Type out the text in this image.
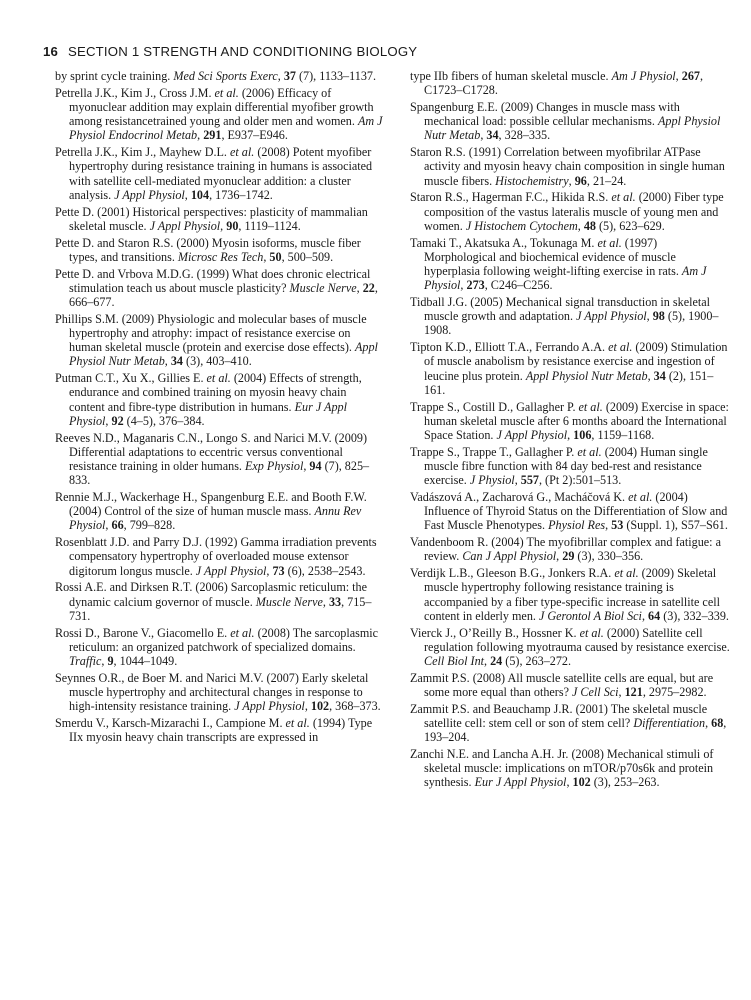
16 SECTION 1 STRENGTH AND CONDITIONING BIOLOGY
by sprint cycle training. Med Sci Sports Exerc, 37 (7), 1133–1137.
Petrella J.K., Kim J., Cross J.M. et al. (2006) Efficacy of myonuclear addition may explain differential myofiber growth among resistancetrained young and older men and women. Am J Physiol Endocrinol Metab, 291, E937–E946.
Petrella J.K., Kim J., Mayhew D.L. et al. (2008) Potent myofiber hypertrophy during resistance training in humans is associated with satellite cell-mediated myonuclear addition: a cluster analysis. J Appl Physiol, 104, 1736–1742.
Pette D. (2001) Historical perspectives: plasticity of mammalian skeletal muscle. J Appl Physiol, 90, 1119–1124.
Pette D. and Staron R.S. (2000) Myosin isoforms, muscle fiber types, and transitions. Microsc Res Tech, 50, 500–509.
Pette D. and Vrbova M.D.G. (1999) What does chronic electrical stimulation teach us about muscle plasticity? Muscle Nerve, 22, 666–677.
Phillips S.M. (2009) Physiologic and molecular bases of muscle hypertrophy and atrophy: impact of resistance exercise on human skeletal muscle (protein and exercise dose effects). Appl Physiol Nutr Metab, 34 (3), 403–410.
Putman C.T., Xu X., Gillies E. et al. (2004) Effects of strength, endurance and combined training on myosin heavy chain content and fibre-type distribution in humans. Eur J Appl Physiol, 92 (4–5), 376–384.
Reeves N.D., Maganaris C.N., Longo S. and Narici M.V. (2009) Differential adaptations to eccentric versus conventional resistance training in older humans. Exp Physiol, 94 (7), 825–833.
Rennie M.J., Wackerhage H., Spangenburg E.E. and Booth F.W. (2004) Control of the size of human muscle mass. Annu Rev Physiol, 66, 799–828.
Rosenblatt J.D. and Parry D.J. (1992) Gamma irradiation prevents compensatory hypertrophy of overloaded mouse extensor digitorum longus muscle. J Appl Physiol, 73 (6), 2538–2543.
Rossi A.E. and Dirksen R.T. (2006) Sarcoplasmic reticulum: the dynamic calcium governor of muscle. Muscle Nerve, 33, 715–731.
Rossi D., Barone V., Giacomello E. et al. (2008) The sarcoplasmic reticulum: an organized patchwork of specialized domains. Traffic, 9, 1044–1049.
Seynnes O.R., de Boer M. and Narici M.V. (2007) Early skeletal muscle hypertrophy and architectural changes in response to high-intensity resistance training. J Appl Physiol, 102, 368–373.
Smerdu V., Karsch-Mizarachi I., Campione M. et al. (1994) Type IIx myosin heavy chain transcripts are expressed in
type IIb fibers of human skeletal muscle. Am J Physiol, 267, C1723–C1728.
Spangenburg E.E. (2009) Changes in muscle mass with mechanical load: possible cellular mechanisms. Appl Physiol Nutr Metab, 34, 328–335.
Staron R.S. (1991) Correlation between myofibrilar ATPase activity and myosin heavy chain composition in single human muscle fibers. Histochemistry, 96, 21–24.
Staron R.S., Hagerman F.C., Hikida R.S. et al. (2000) Fiber type composition of the vastus lateralis muscle of young men and women. J Histochem Cytochem, 48 (5), 623–629.
Tamaki T., Akatsuka A., Tokunaga M. et al. (1997) Morphological and biochemical evidence of muscle hyperplasia following weight-lifting exercise in rats. Am J Physiol, 273, C246–C256.
Tidball J.G. (2005) Mechanical signal transduction in skeletal muscle growth and adaptation. J Appl Physiol, 98 (5), 1900–1908.
Tipton K.D., Elliott T.A., Ferrando A.A. et al. (2009) Stimulation of muscle anabolism by resistance exercise and ingestion of leucine plus protein. Appl Physiol Nutr Metab, 34 (2), 151–161.
Trappe S., Costill D., Gallagher P. et al. (2009) Exercise in space: human skeletal muscle after 6 months aboard the International Space Station. J Appl Physiol, 106, 1159–1168.
Trappe S., Trappe T., Gallagher P. et al. (2004) Human single muscle fibre function with 84 day bed-rest and resistance exercise. J Physiol, 557, (Pt 2):501–513.
Vadászová A., Zacharová G., Macháčová K. et al. (2004) Influence of Thyroid Status on the Differentiation of Slow and Fast Muscle Phenotypes. Physiol Res, 53 (Suppl. 1), S57–S61.
Vandenboom R. (2004) The myofibrillar complex and fatigue: a review. Can J Appl Physiol, 29 (3), 330–356.
Verdijk L.B., Gleeson B.G., Jonkers R.A. et al. (2009) Skeletal muscle hypertrophy following resistance training is accompanied by a fiber type-specific increase in satellite cell content in elderly men. J Gerontol A Biol Sci, 64 (3), 332–339.
Vierck J., O’Reilly B., Hossner K. et al. (2000) Satellite cell regulation following myotrauma caused by resistance exercise. Cell Biol Int, 24 (5), 263–272.
Zammit P.S. (2008) All muscle satellite cells are equal, but are some more equal than others? J Cell Sci, 121, 2975–2982.
Zammit P.S. and Beauchamp J.R. (2001) The skeletal muscle satellite cell: stem cell or son of stem cell? Differentiation, 68, 193–204.
Zanchi N.E. and Lancha A.H. Jr. (2008) Mechanical stimuli of skeletal muscle: implications on mTOR/p70s6k and protein synthesis. Eur J Appl Physiol, 102 (3), 253–263.
